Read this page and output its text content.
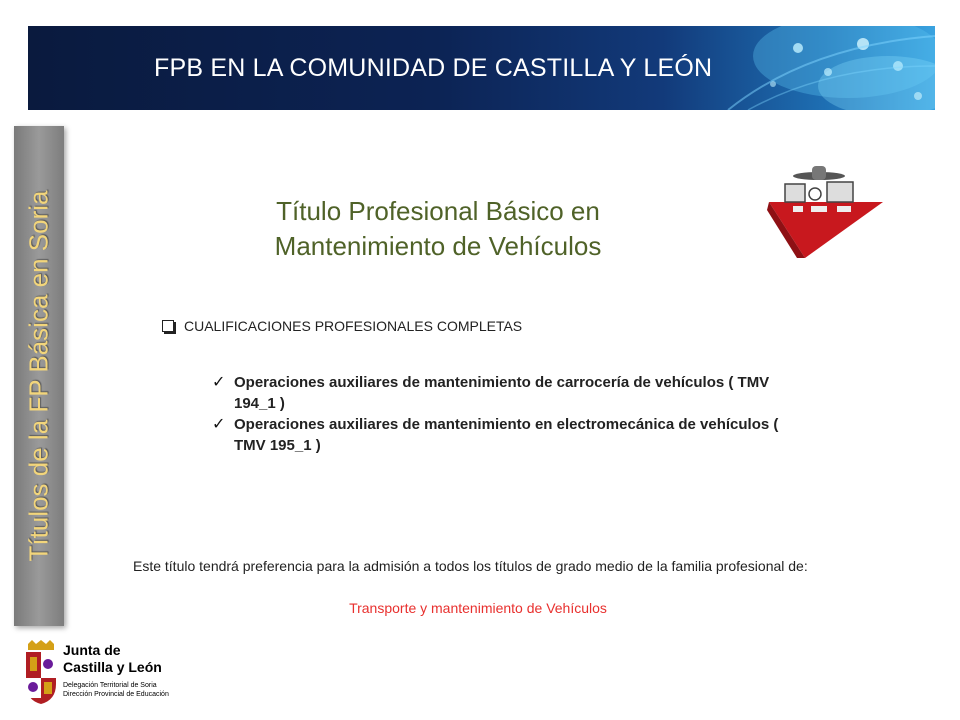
FPB EN LA COMUNIDAD DE CASTILLA Y LEÓN
Títulos de la FP Básica en Soria	Título Profesional Básico en
Mantenimiento de Vehículos
CUALIFICACIONES PROFESIONALES COMPLETAS
✓ Operaciones auxiliares de mantenimiento de carrocería de vehículos ( TMV 194_1 )
✓ Operaciones auxiliares de mantenimiento en electromecánica de vehículos ( TMV 195_1 )
Este título tendrá preferencia para la admisión a todos los títulos de grado medio de la familia profesional de:
Transporte y mantenimiento de Vehículos
Junta de
Castilla y León
Delegación Territorial de Soria
Dirección Provincial de Educación
